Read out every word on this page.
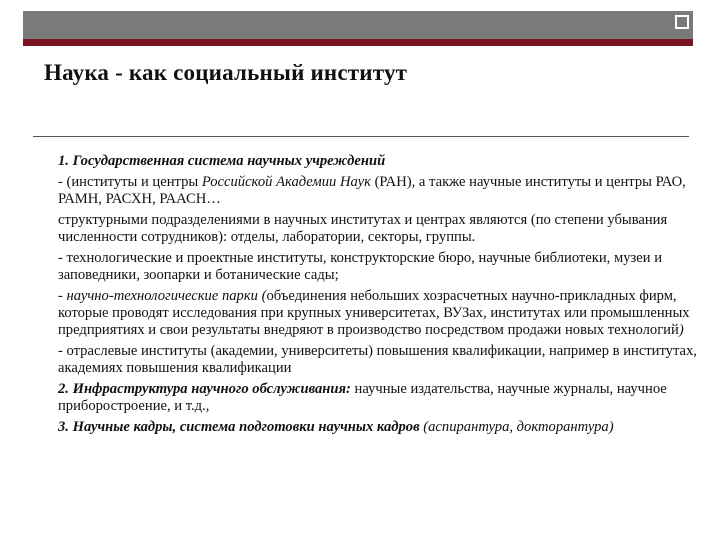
Наука - как социальный институт

1. Государственная система научных учреждений

- (институты и центры Российской Академии Наук (РАН), а также научные институты и центры РАО, РАМН, РАСХН, РААСН…

структурными подразделениями в научных институтах и центрах являются (по степени убывания численности сотрудников): отделы, лаборатории, секторы, группы.

- технологические и проектные институты, конструкторские бюро, научные библиотеки, музеи и заповедники, зоопарки и ботанические сады;

- научно-технологические парки (объединения небольших хозрасчетных научно-прикладных фирм, которые проводят исследования при крупных университетах, ВУЗах, институтах или промышленных предприятиях и свои результаты внедряют в производство посредством продажи новых технологий)

- отраслевые институты (академии, университеты) повышения квалификации, например в институтах, академиях повышения квалификации

2. Инфраструктура научного обслуживания: научные издательства, научные журналы, научное приборостроение, и т.д.,

3. Научные кадры, система подготовки научных кадров (аспирантура, докторантура)
